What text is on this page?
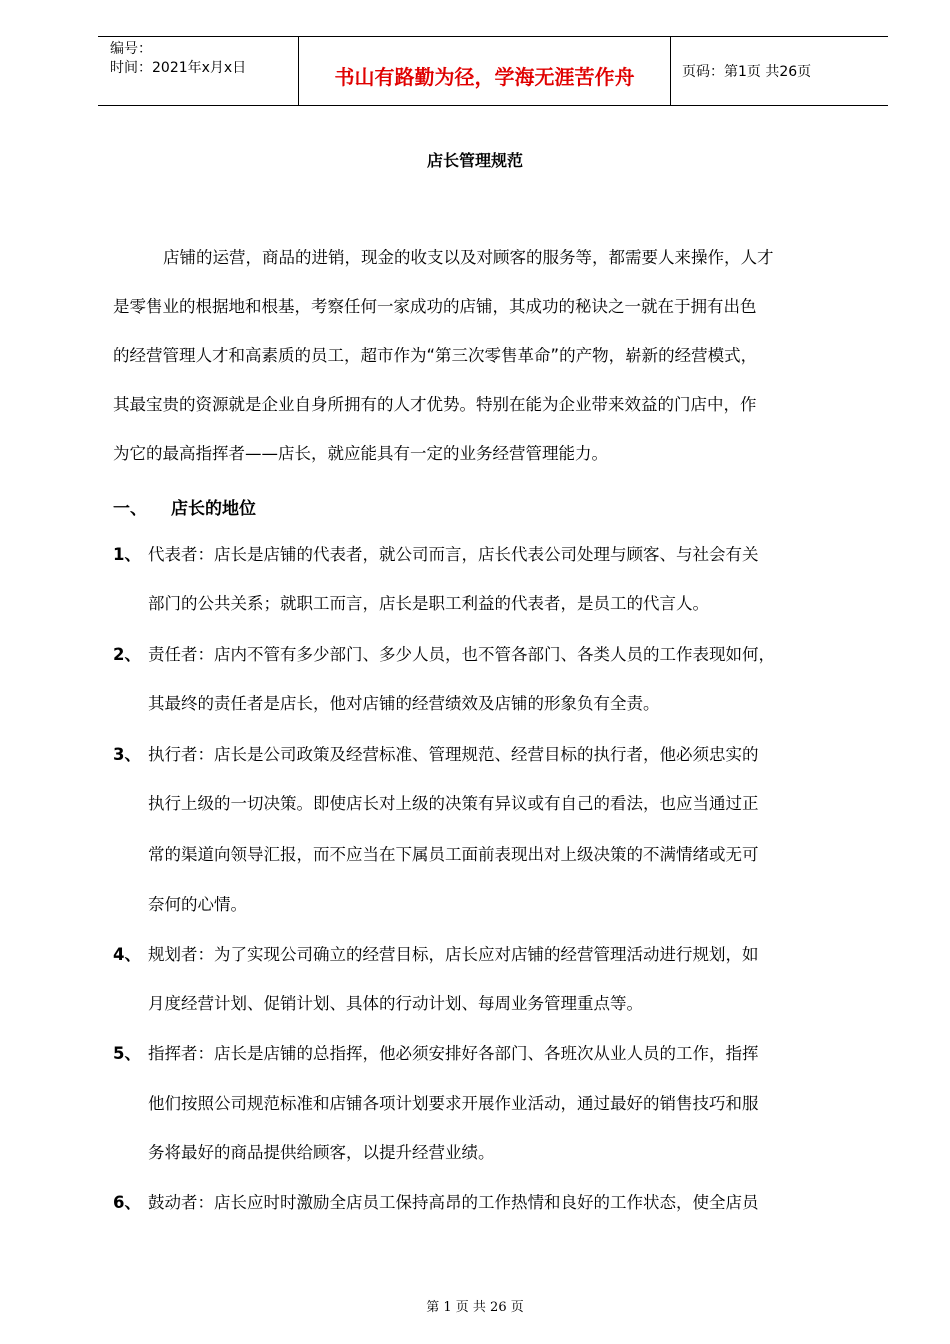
编号：
时间：2021年x月x日	书山有路勤为径，学海无涯苦作舟	页码：第1页 共26页
店长管理规范
店铺的运营，商品的进销，现金的收支以及对顾客的服务等，都需要人来操作，人才
是零售业的根据地和根基，考察任何一家成功的店铺，其成功的秘诀之一就在于拥有出色
的经营管理人才和高素质的员工，超市作为“第三次零售革命”的产物，崭新的经营模式，
其最宝贵的资源就是企业自身所拥有的人才优势。特别在能为企业带来效益的门店中，作
为它的最高指挥者——店长，就应能具有一定的业务经营管理能力。
一、 店长的地位
1、 代表者：店长是店铺的代表者，就公司而言，店长代表公司处理与顾客、与社会有关
部门的公共关系；就职工而言，店长是职工利益的代表者，是员工的代言人。
2、 责任者：店内不管有多少部门、多少人员，也不管各部门、各类人员的工作表现如何，
其最终的责任者是店长，他对店铺的经营绩效及店铺的形象负有全责。
3、 执行者：店长是公司政策及经营标准、管理规范、经营目标的执行者，他必须忠实的
执行上级的一切决策。即使店长对上级的决策有异议或有自己的看法，也应当通过正
常的渠道向领导汇报，而不应当在下属员工面前表现出对上级决策的不满情绪或无可
奈何的心情。
4、 规划者：为了实现公司确立的经营目标，店长应对店铺的经营管理活动进行规划，如
月度经营计划、促销计划、具体的行动计划、每周业务管理重点等。
5、 指挥者：店长是店铺的总指挥，他必须安排好各部门、各班次从业人员的工作，指挥
他们按照公司规范标准和店铺各项计划要求开展作业活动，通过最好的销售技巧和服
务将最好的商品提供给顾客，以提升经营业绩。
6、 鼓动者：店长应时时激励全店员工保持高昂的工作热情和良好的工作状态，使全店员
第 1 页 共 26 页
